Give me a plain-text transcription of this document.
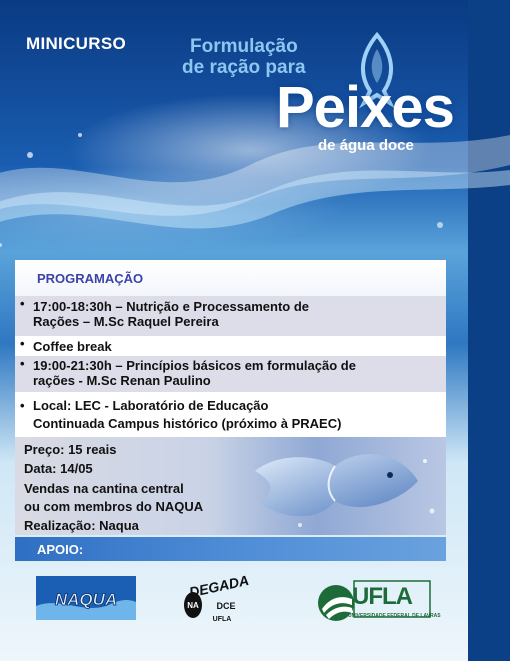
MINICURSO	Formulação
de ração para
Peixes
de água doce
PROGRAMAÇÃO
• 17:00-18:30h – Nutrição e Processamento de
Rações – M.Sc Raquel Pereira
• Coffee break
• 19:00-21:30h – Princípios básicos em formulação de
rações - M.Sc Renan Paulino
• Local: LEC - Laboratório de Educação
Continuada Campus histórico (próximo à PRAEC)
Preço: 15 reais
Data: 14/05
Vendas na cantina central
ou com membros do NAQUA
Realização: Naqua
APOIO:
NAQUA	NA
DEGADA
DCE
UFLA
UFLA
UNIVERSIDADE FEDERAL DE LAVRAS
